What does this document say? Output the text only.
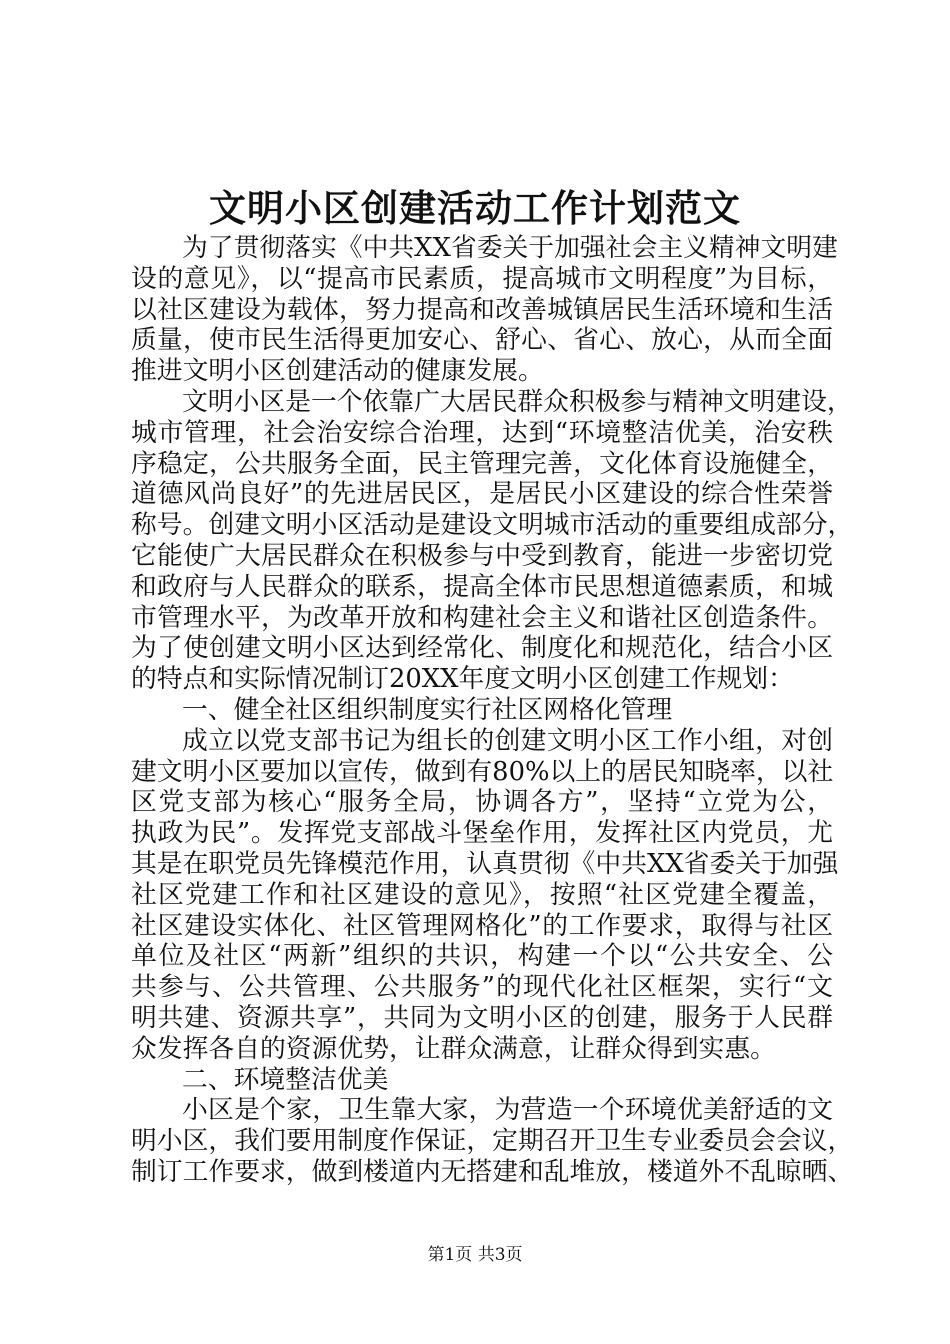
文明小区创建活动工作计划范文
为了贯彻落实《中共XX省委关于加强社会主义精神文明建
设的意见》，以“提高市民素质，提高城市文明程度”为目标，
以社区建设为载体，努力提高和改善城镇居民生活环境和生活
质量，使市民生活得更加安心、舒心、省心、放心，从而全面
推进文明小区创建活动的健康发展。
文明小区是一个依靠广大居民群众积极参与精神文明建设，
城市管理，社会治安综合治理，达到“环境整洁优美，治安秩
序稳定，公共服务全面，民主管理完善，文化体育设施健全，
道德风尚良好”的先进居民区，是居民小区建设的综合性荣誉
称号。创建文明小区活动是建设文明城市活动的重要组成部分，
它能使广大居民群众在积极参与中受到教育，能进一步密切党
和政府与人民群众的联系，提高全体市民思想道德素质，和城
市管理水平，为改革开放和构建社会主义和谐社区创造条件。
为了使创建文明小区达到经常化、制度化和规范化，结合小区
的特点和实际情况制订20XX年度文明小区创建工作规划：
一、健全社区组织制度实行社区网格化管理
成立以党支部书记为组长的创建文明小区工作小组，对创
建文明小区要加以宣传，做到有80%以上的居民知晓率，以社
区党支部为核心“服务全局，协调各方”，坚持“立党为公，
执政为民”。发挥党支部战斗堡垒作用，发挥社区内党员，尤
其是在职党员先锋模范作用，认真贯彻《中共XX省委关于加强
社区党建工作和社区建设的意见》，按照“社区党建全覆盖，
社区建设实体化、社区管理网格化”的工作要求，取得与社区
单位及社区“两新”组织的共识，构建一个以“公共安全、公
共参与、公共管理、公共服务”的现代化社区框架，实行“文
明共建、资源共享”，共同为文明小区的创建，服务于人民群
众发挥各自的资源优势，让群众满意，让群众得到实惠。
二、环境整洁优美
小区是个家，卫生靠大家，为营造一个环境优美舒适的文
明小区，我们要用制度作保证，定期召开卫生专业委员会会议，
制订工作要求，做到楼道内无搭建和乱堆放，楼道外不乱晾晒、
第1页 共3页
